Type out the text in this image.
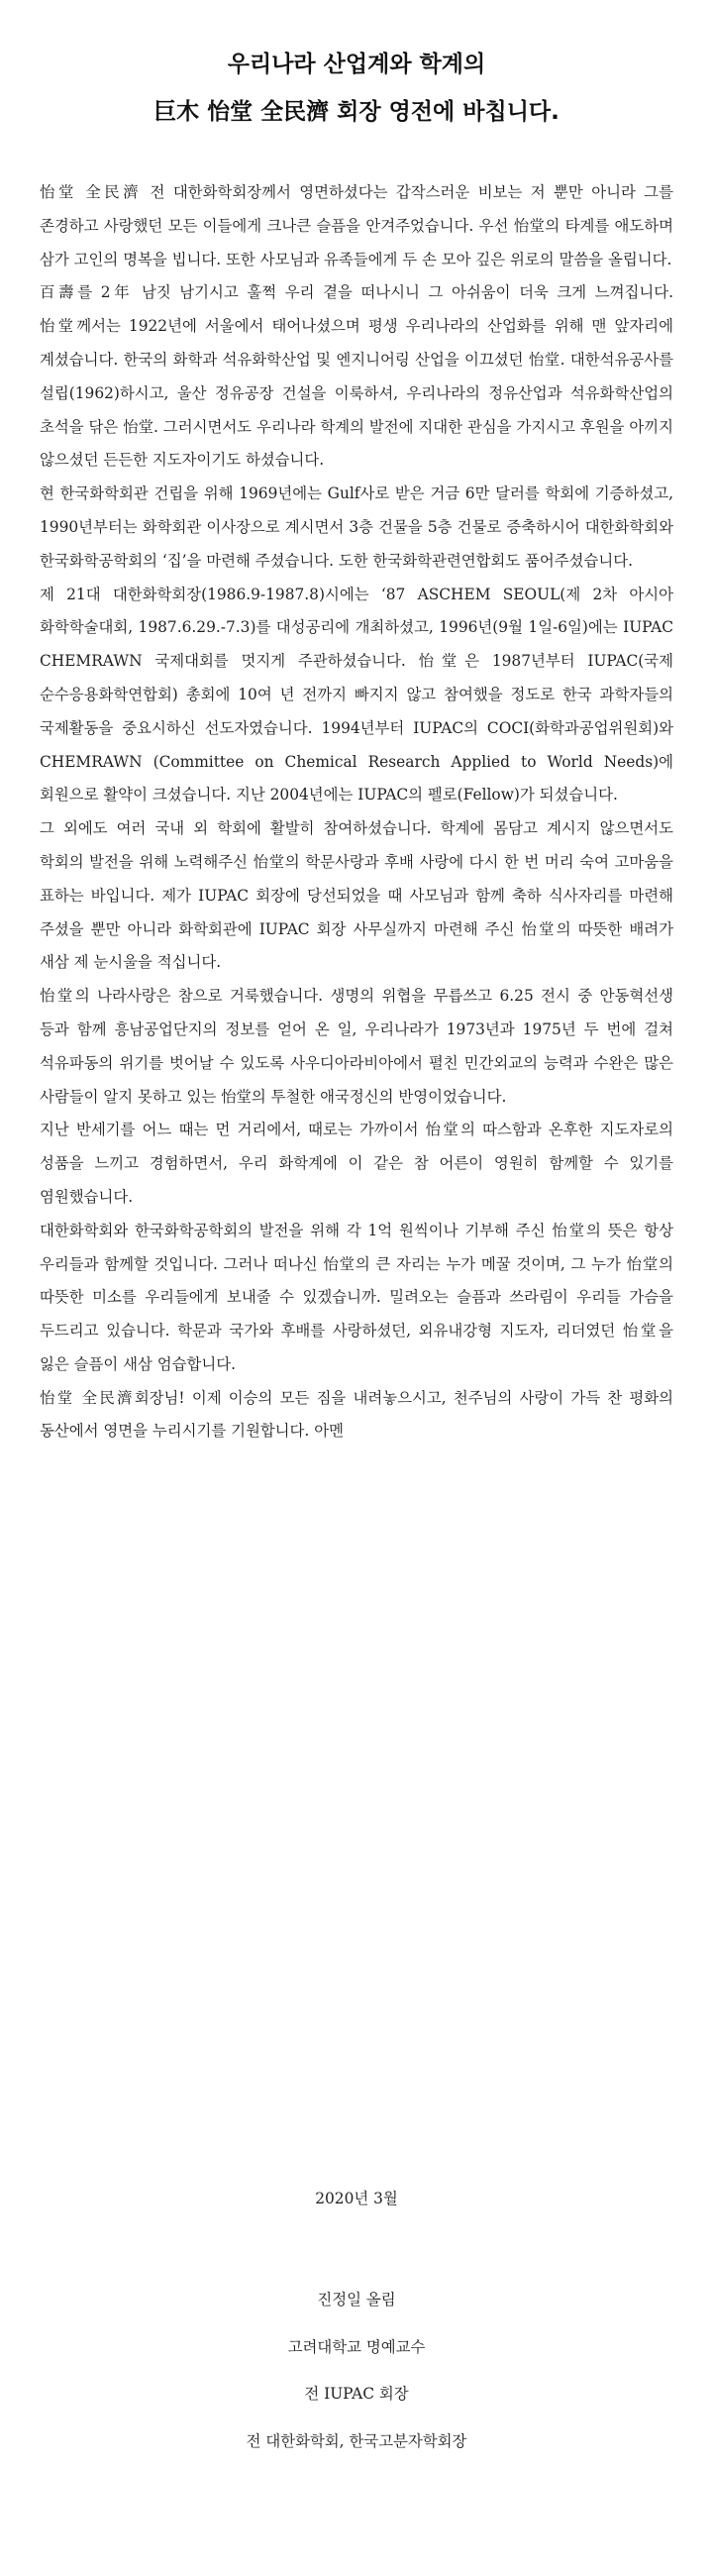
우리나라 산업계와 학계의
巨木 怡堂 全民濟 회장 영전에 바칩니다.

怡堂 全民濟 전 대한화학회장께서 영면하셨다는 갑작스러운 비보는 저 뿐만 아니라 그를 존경하고 사랑했던 모든 이들에게 크나큰 슬픔을 안겨주었습니다. 우선 怡堂의 타계를 애도하며 삼가 고인의 명복을 빕니다. 또한 사모님과 유족들에게 두 손 모아 깊은 위로의 말씀을 올립니다.

百壽를 2年 남짓 남기시고 훌쩍 우리 곁을 떠나시니 그 아쉬움이 더욱 크게 느껴집니다. 怡堂께서는 1922년에 서울에서 태어나셨으며 평생 우리나라의 산업화를 위해 맨 앞자리에 계셨습니다. 한국의 화학과 석유화학산업 및 엔지니어링 산업을 이끄셨던 怡堂. 대한석유공사를 설립(1962)하시고, 울산 정유공장 건설을 이룩하셔, 우리나라의 정유산업과 석유화학산업의 초석을 닦은 怡堂. 그러시면서도 우리나라 학계의 발전에 지대한 관심을 가지시고 후원을 아끼지 않으셨던 든든한 지도자이기도 하셨습니다.

현 한국화학회관 건립을 위해 1969년에는 Gulf사로 받은 거금 6만 달러를 학회에 기증하셨고, 1990년부터는 화학회관 이사장으로 계시면서 3층 건물을 5층 건물로 증축하시어 대한화학회와 한국화학공학회의 ‘집’을 마련해 주셨습니다. 도한 한국화학관련연합회도 품어주셨습니다.

제 21대 대한화학회장(1986.9-1987.8)시에는 ‘87 ASCHEM SEOUL(제 2차 아시아 화학학술대회, 1987.6.29.-7.3)를 대성공리에 개최하셨고, 1996년(9월 1일-6일)에는 IUPAC CHEMRAWN 국제대회를 멋지게 주관하셨습니다. 怡堂은 1987년부터 IUPAC(국제 순수응용화학연합회) 총회에 10여 년 전까지 빠지지 않고 참여했을 정도로 한국 과학자들의 국제활동을 중요시하신 선도자였습니다. 1994년부터 IUPAC의 COCI(화학과공업위원회)와 CHEMRAWN (Committee on Chemical Research Applied to World Needs)에 회원으로 활약이 크셨습니다. 지난 2004년에는 IUPAC의 펠로(Fellow)가 되셨습니다.

그 외에도 여러 국내 외 학회에 활발히 참여하셨습니다. 학계에 몸담고 계시지 않으면서도 학회의 발전을 위해 노력해주신 怡堂의 학문사랑과 후배 사랑에 다시 한 번 머리 숙여 고마움을 표하는 바입니다. 제가 IUPAC 회장에 당선되었을 때 사모님과 함께 축하 식사자리를 마련해 주셨을 뿐만 아니라 화학회관에 IUPAC 회장 사무실까지 마련해 주신 怡堂의 따뜻한 배려가 새삼 제 눈시울을 적십니다.

怡堂의 나라사랑은 참으로 거룩했습니다. 생명의 위협을 무릅쓰고 6.25 전시 중 안동혁선생 등과 함께 흥남공업단지의 정보를 얻어 온 일, 우리나라가 1973년과 1975년 두 번에 걸쳐 석유파동의 위기를 벗어날 수 있도록 사우디아라비아에서 펼친 민간외교의 능력과 수완은 많은 사람들이 알지 못하고 있는 怡堂의 투철한 애국정신의 반영이었습니다.

지난 반세기를 어느 때는 먼 거리에서, 때로는 가까이서 怡堂의 따스함과 온후한 지도자로의 성품을 느끼고 경험하면서, 우리 화학계에 이 같은 참 어른이 영원히 함께할 수 있기를 염원했습니다.

대한화학회와 한국화학공학회의 발전을 위해 각 1억 원씩이나 기부해 주신 怡堂의 뜻은 항상 우리들과 함께할 것입니다. 그러나 떠나신 怡堂의 큰 자리는 누가 메꿀 것이며, 그 누가 怡堂의 따뜻한 미소를 우리들에게 보내줄 수 있겠습니까. 밀려오는 슬픔과 쓰라림이 우리들 가슴을 두드리고 있습니다. 학문과 국가와 후배를 사랑하셨던, 외유내강형 지도자, 리더였던 怡堂을 잃은 슬픔이 새삼 엄습합니다.

怡堂 全民濟회장님! 이제 이승의 모든 짐을 내려놓으시고, 천주님의 사랑이 가득 찬 평화의 동산에서 영면을 누리시기를 기원합니다. 아멘

2020년 3월
진정일 올림
고려대학교 명예교수
전 IUPAC 회장
전 대한화학회, 한국고분자학회장
